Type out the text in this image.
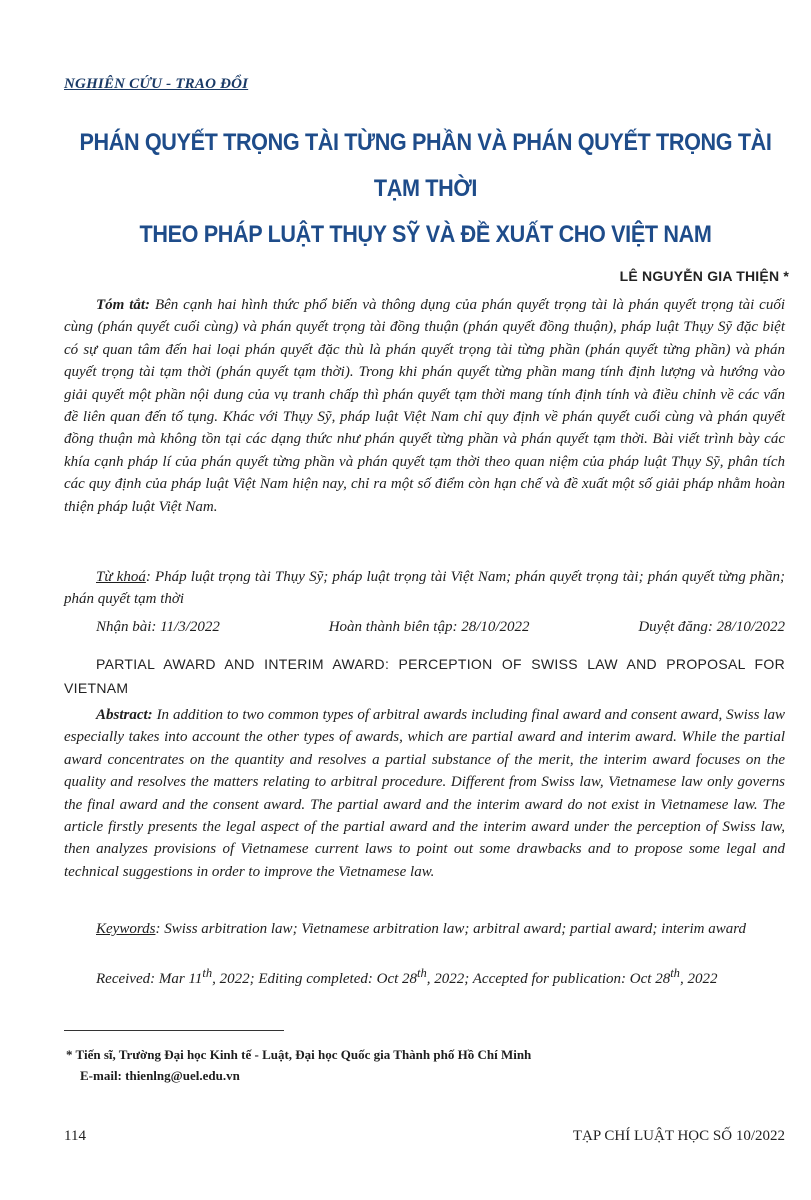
NGHIÊN CỨU - TRAO ĐỔI
PHÁN QUYẾT TRỌNG TÀI TỪNG PHẦN VÀ PHÁN QUYẾT TRỌNG TÀI TẠM THỜI
THEO PHÁP LUẬT THỤY SỸ VÀ ĐỀ XUẤT CHO VIỆT NAM
LÊ NGUYỄN GIA THIỆN *
Tóm tắt: Bên cạnh hai hình thức phổ biến và thông dụng của phán quyết trọng tài là phán quyết trọng tài cuối cùng (phán quyết cuối cùng) và phán quyết trọng tài đồng thuận (phán quyết đồng thuận), pháp luật Thụy Sỹ đặc biệt có sự quan tâm đến hai loại phán quyết đặc thù là phán quyết trọng tài từng phần (phán quyết từng phần) và phán quyết trọng tài tạm thời (phán quyết tạm thời). Trong khi phán quyết từng phần mang tính định lượng và hướng vào giải quyết một phần nội dung của vụ tranh chấp thì phán quyết tạm thời mang tính định tính và điều chỉnh về các vấn đề liên quan đến tố tụng. Khác với Thụy Sỹ, pháp luật Việt Nam chỉ quy định về phán quyết cuối cùng và phán quyết đồng thuận mà không tồn tại các dạng thức như phán quyết từng phần và phán quyết tạm thời. Bài viết trình bày các khía cạnh pháp lí của phán quyết từng phần và phán quyết tạm thời theo quan niệm của pháp luật Thụy Sỹ, phân tích các quy định của pháp luật Việt Nam hiện nay, chỉ ra một số điểm còn hạn chế và đề xuất một số giải pháp nhằm hoàn thiện pháp luật Việt Nam.
Từ khoá: Pháp luật trọng tài Thụy Sỹ; pháp luật trọng tài Việt Nam; phán quyết trọng tài; phán quyết từng phần; phán quyết tạm thời
Nhận bài: 11/3/2022	Hoàn thành biên tập: 28/10/2022	Duyệt đăng: 28/10/2022
PARTIAL AWARD AND INTERIM AWARD: PERCEPTION OF SWISS LAW AND PROPOSAL FOR VIETNAM
Abstract: In addition to two common types of arbitral awards including final award and consent award, Swiss law especially takes into account the other types of awards, which are partial award and interim award. While the partial award concentrates on the quantity and resolves a partial substance of the merit, the interim award focuses on the quality and resolves the matters relating to arbitral procedure. Different from Swiss law, Vietnamese law only governs the final award and the consent award. The partial award and the interim award do not exist in Vietnamese law. The article firstly presents the legal aspect of the partial award and the interim award under the perception of Swiss law, then analyzes provisions of Vietnamese current laws to point out some drawbacks and to propose some legal and technical suggestions in order to improve the Vietnamese law.
Keywords: Swiss arbitration law; Vietnamese arbitration law; arbitral award; partial award; interim award
Received: Mar 11th, 2022; Editing completed: Oct 28th, 2022; Accepted for publication: Oct 28th, 2022
* Tiến sĩ, Trường Đại học Kinh tế - Luật, Đại học Quốc gia Thành phố Hồ Chí Minh
E-mail: thienlng@uel.edu.vn
114	TẠP CHÍ LUẬT HỌC SỐ 10/2022
